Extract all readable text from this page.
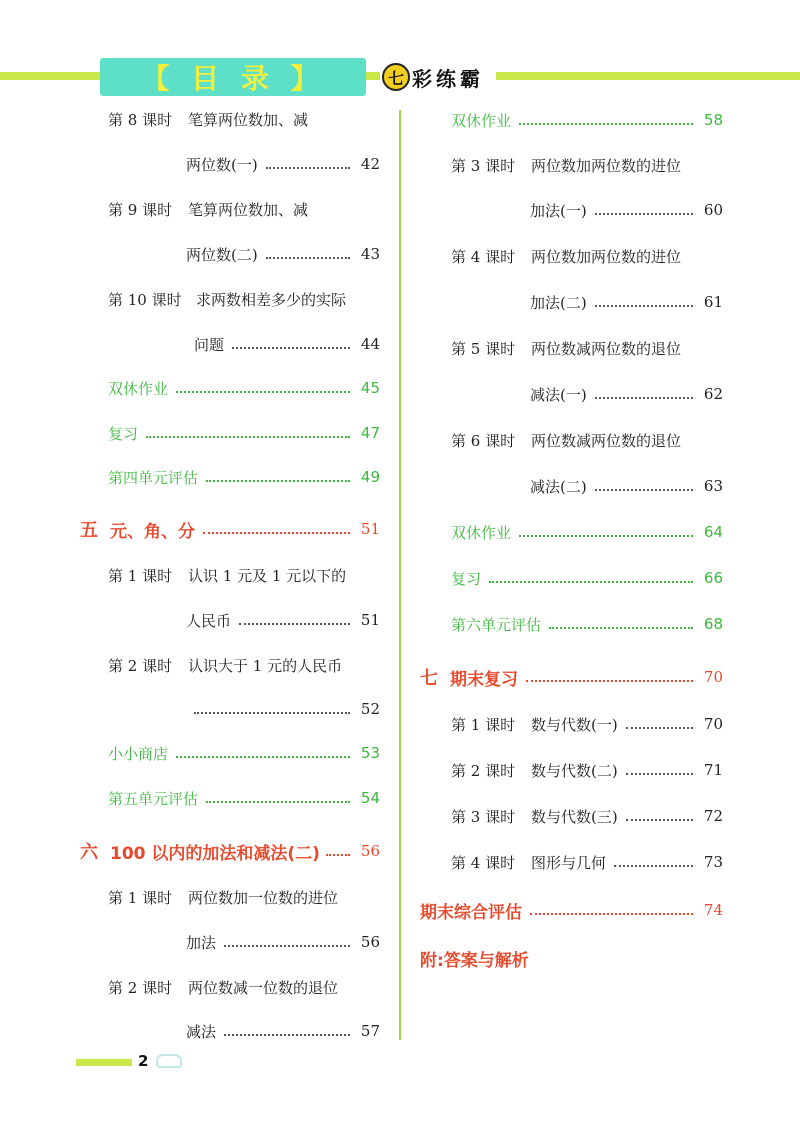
【 目 录 】	七 彩练霸
第 8 课时	笔算两位数加、减
两位数(一)	42
第 9 课时	笔算两位数加、减
两位数(二)	43
第 10 课时 求两数相差多少的实际
问题	44
双休作业	45
复习	47
第四单元评估	49
五 元、角、分	51
第 1 课时	认识 1 元及 1 元以下的
人民币	51
第 2 课时	认识大于 1 元的人民币
52
小小商店	53
第五单元评估	54
六 100 以内的加法和减法(二)	56
第 1 课时	两位数加一位数的进位
加法	56
第 2 课时	两位数减一位数的退位
减法	57
双休作业	58
第 3 课时	两位数加两位数的进位
加法(一)	60
第 4 课时	两位数加两位数的进位
加法(二)	61
第 5 课时	两位数减两位数的退位
减法(一)	62
第 6 课时	两位数减两位数的退位
减法(二)	63
双休作业	64
复习	66
第六单元评估	68
七 期末复习	70
第 1 课时	数与代数(一)	70
第 2 课时	数与代数(二)	71
第 3 课时	数与代数(三)	72
第 4 课时	图形与几何	73
期末综合评估	74
附:答案与解析
2
